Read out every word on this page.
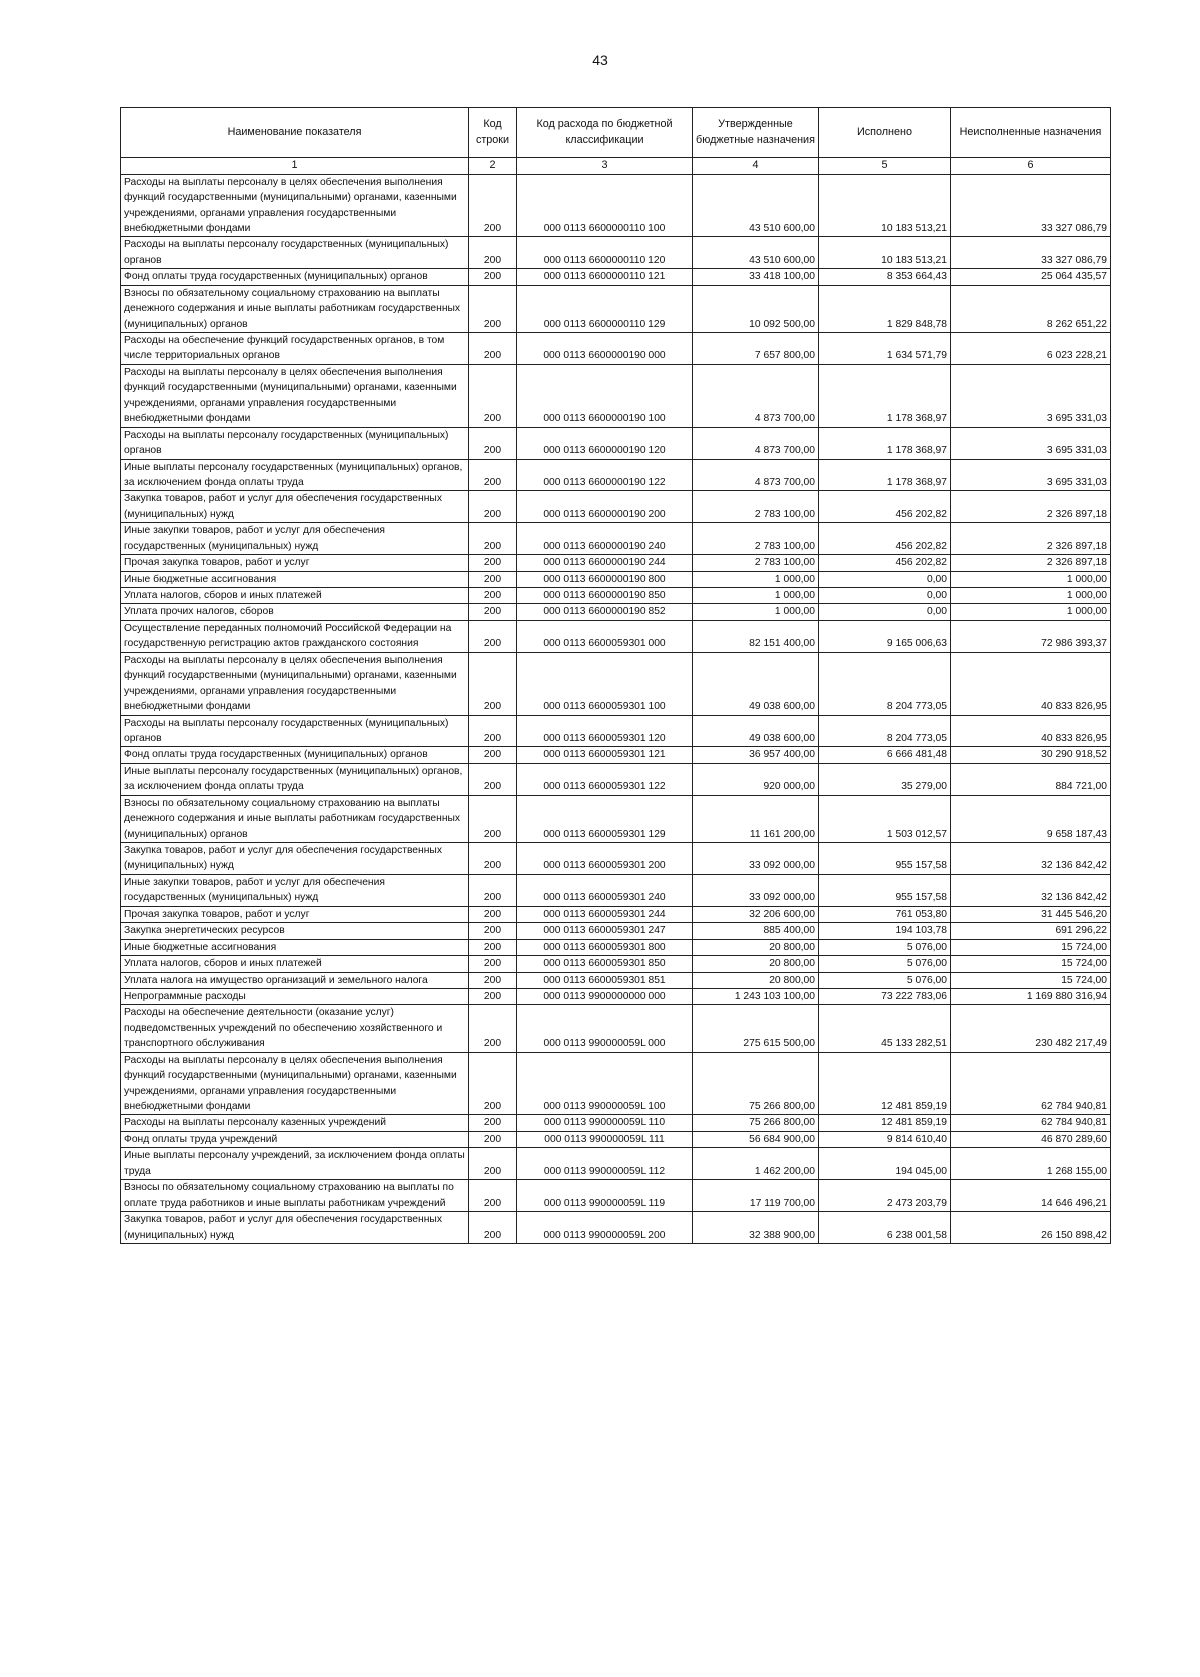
43
Наименование показателя	Код строки	Код расхода по бюджетной классификации	Утвержденные бюджетные назначения	Исполнено	Неисполненные назначения
1	2	3	4	5	6
Расходы на выплаты персоналу в целях обеспечения выполнения функций государственными (муниципальными) органами, казенными учреждениями, органами управления государственными внебюджетными фондами	200	000 0113 6600000110 100	43 510 600,00	10 183 513,21	33 327 086,79
Расходы на выплаты персоналу государственных (муниципальных) органов	200	000 0113 6600000110 120	43 510 600,00	10 183 513,21	33 327 086,79
Фонд оплаты труда государственных (муниципальных) органов	200	000 0113 6600000110 121	33 418 100,00	8 353 664,43	25 064 435,57
Взносы по обязательному социальному страхованию на выплаты денежного содержания и иные выплаты работникам государственных (муниципальных) органов	200	000 0113 6600000110 129	10 092 500,00	1 829 848,78	8 262 651,22
Расходы на обеспечение функций государственных органов, в том числе территориальных органов	200	000 0113 6600000190 000	7 657 800,00	1 634 571,79	6 023 228,21
Расходы на выплаты персоналу в целях обеспечения выполнения функций государственными (муниципальными) органами, казенными учреждениями, органами управления государственными внебюджетными фондами	200	000 0113 6600000190 100	4 873 700,00	1 178 368,97	3 695 331,03
Расходы на выплаты персоналу государственных (муниципальных) органов	200	000 0113 6600000190 120	4 873 700,00	1 178 368,97	3 695 331,03
Иные выплаты персоналу государственных (муниципальных) органов, за исключением фонда оплаты труда	200	000 0113 6600000190 122	4 873 700,00	1 178 368,97	3 695 331,03
Закупка товаров, работ и услуг для обеспечения государственных (муниципальных) нужд	200	000 0113 6600000190 200	2 783 100,00	456 202,82	2 326 897,18
Иные закупки товаров, работ и услуг для обеспечения государственных (муниципальных) нужд	200	000 0113 6600000190 240	2 783 100,00	456 202,82	2 326 897,18
Прочая закупка товаров, работ и услуг	200	000 0113 6600000190 244	2 783 100,00	456 202,82	2 326 897,18
Иные бюджетные ассигнования	200	000 0113 6600000190 800	1 000,00	0,00	1 000,00
Уплата налогов, сборов и иных платежей	200	000 0113 6600000190 850	1 000,00	0,00	1 000,00
Уплата прочих налогов, сборов	200	000 0113 6600000190 852	1 000,00	0,00	1 000,00
Осуществление переданных полномочий Российской Федерации на государственную регистрацию актов гражданского состояния	200	000 0113 6600059301 000	82 151 400,00	9 165 006,63	72 986 393,37
Расходы на выплаты персоналу в целях обеспечения выполнения функций государственными (муниципальными) органами, казенными учреждениями, органами управления государственными внебюджетными фондами	200	000 0113 6600059301 100	49 038 600,00	8 204 773,05	40 833 826,95
Расходы на выплаты персоналу государственных (муниципальных) органов	200	000 0113 6600059301 120	49 038 600,00	8 204 773,05	40 833 826,95
Фонд оплаты труда государственных (муниципальных) органов	200	000 0113 6600059301 121	36 957 400,00	6 666 481,48	30 290 918,52
Иные выплаты персоналу государственных (муниципальных) органов, за исключением фонда оплаты труда	200	000 0113 6600059301 122	920 000,00	35 279,00	884 721,00
Взносы по обязательному социальному страхованию на выплаты денежного содержания и иные выплаты работникам государственных (муниципальных) органов	200	000 0113 6600059301 129	11 161 200,00	1 503 012,57	9 658 187,43
Закупка товаров, работ и услуг для обеспечения государственных (муниципальных) нужд	200	000 0113 6600059301 200	33 092 000,00	955 157,58	32 136 842,42
Иные закупки товаров, работ и услуг для обеспечения государственных (муниципальных) нужд	200	000 0113 6600059301 240	33 092 000,00	955 157,58	32 136 842,42
Прочая закупка товаров, работ и услуг	200	000 0113 6600059301 244	32 206 600,00	761 053,80	31 445 546,20
Закупка энергетических ресурсов	200	000 0113 6600059301 247	885 400,00	194 103,78	691 296,22
Иные бюджетные ассигнования	200	000 0113 6600059301 800	20 800,00	5 076,00	15 724,00
Уплата налогов, сборов и иных платежей	200	000 0113 6600059301 850	20 800,00	5 076,00	15 724,00
Уплата налога на имущество организаций и земельного налога	200	000 0113 6600059301 851	20 800,00	5 076,00	15 724,00
Непрограммные расходы	200	000 0113 9900000000 000	1 243 103 100,00	73 222 783,06	1 169 880 316,94
Расходы на обеспечение деятельности (оказание услуг) подведомственных учреждений по обеспечению хозяйственного и транспортного обслуживания	200	000 0113 990000059L 000	275 615 500,00	45 133 282,51	230 482 217,49
Расходы на выплаты персоналу в целях обеспечения выполнения функций государственными (муниципальными) органами, казенными учреждениями, органами управления государственными внебюджетными фондами	200	000 0113 990000059L 100	75 266 800,00	12 481 859,19	62 784 940,81
Расходы на выплаты персоналу казенных учреждений	200	000 0113 990000059L 110	75 266 800,00	12 481 859,19	62 784 940,81
Фонд оплаты труда учреждений	200	000 0113 990000059L 111	56 684 900,00	9 814 610,40	46 870 289,60
Иные выплаты персоналу учреждений, за исключением фонда оплаты труда	200	000 0113 990000059L 112	1 462 200,00	194 045,00	1 268 155,00
Взносы по обязательному социальному страхованию на выплаты по оплате труда работников и иные выплаты работникам учреждений	200	000 0113 990000059L 119	17 119 700,00	2 473 203,79	14 646 496,21
Закупка товаров, работ и услуг для обеспечения государственных (муниципальных) нужд	200	000 0113 990000059L 200	32 388 900,00	6 238 001,58	26 150 898,42
